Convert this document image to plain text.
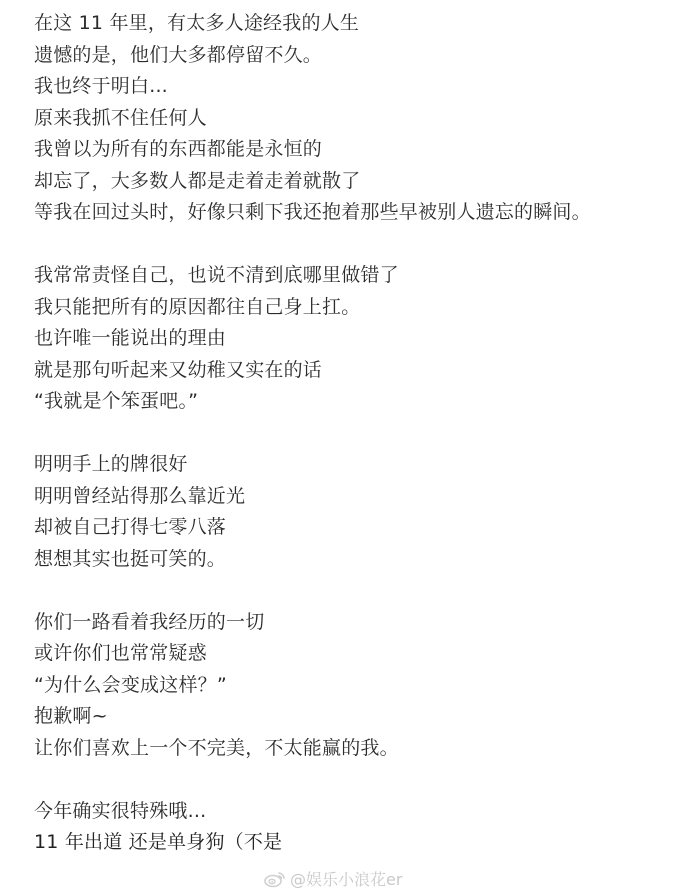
在这 11 年里，有太多人途经我的人生
遗憾的是，他们大多都停留不久。
我也终于明白...
原来我抓不住任何人
我曾以为所有的东西都能是永恒的
却忘了，大多数人都是走着走着就散了
等我在回过头时，好像只剩下我还抱着那些早被别人遗忘的瞬间。
我常常责怪自己，也说不清到底哪里做错了
我只能把所有的原因都往自己身上扛。
也许唯一能说出的理由
就是那句听起来又幼稚又实在的话
“我就是个笨蛋吧。”
明明手上的牌很好
明明曾经站得那么靠近光
却被自己打得七零八落
想想其实也挺可笑的。
你们一路看着我经历的一切
或许你们也常常疑惑
“为什么会变成这样？”
抱歉啊~
让你们喜欢上一个不完美，不太能赢的我。
今年确实很特殊哦...
11 年出道 还是单身狗（不是
@娱乐小浪花er
